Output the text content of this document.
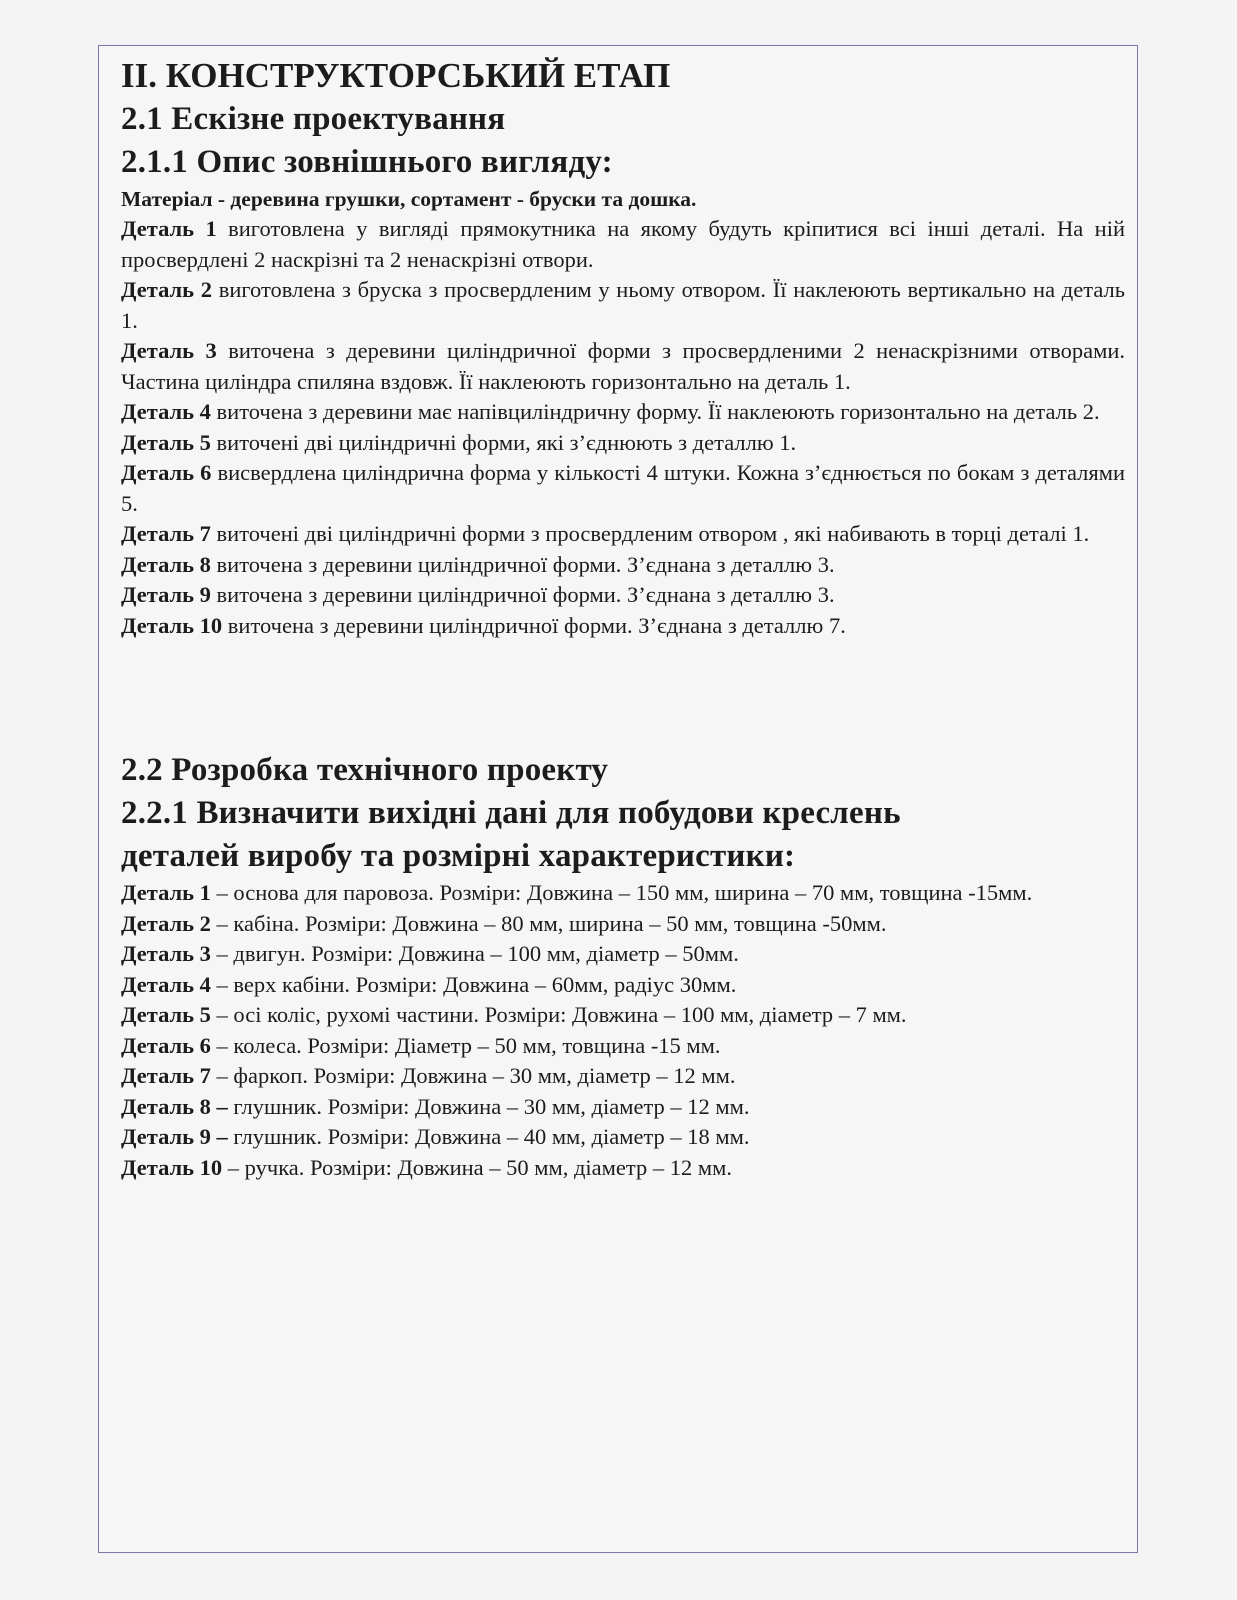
II. КОНСТРУКТОРСЬКИЙ ЕТАП

2.1 Ескізне проектування

2.1.1 Опис зовнішнього вигляду:

Матеріал - деревина грушки, сортамент - бруски та дошка.

Деталь 1 виготовлена у вигляді прямокутника на якому будуть кріпитися всі інші деталі. На ній просвердлені 2 наскрізні та 2 ненаскрізні отвори.

Деталь 2 виготовлена з бруска з просвердленим у ньому отвором. Її наклеюють вертикально на деталь 1.

Деталь 3 виточена з деревини циліндричної форми з просвердленими 2 ненаскрізними отворами. Частина циліндра спиляна вздовж. Її наклеюють горизонтально на деталь 1.

Деталь 4 виточена з деревини має напівциліндричну форму. Її наклеюють горизонтально на деталь 2.

Деталь 5 виточені дві циліндричні форми, які з’єднюють з деталлю 1.

Деталь 6 висвердлена циліндрична форма у кількості 4 штуки. Кожна з’єднюється по бокам з деталями 5.

Деталь 7 виточені дві циліндричні форми з просвердленим отвором , які набивають в торці деталі 1.

Деталь 8 виточена з деревини циліндричної форми. З’єднана з деталлю 3.

Деталь 9 виточена з деревини циліндричної форми. З’єднана з деталлю 3.

Деталь 10 виточена з деревини циліндричної форми. З’єднана з деталлю 7.

2.2 Розробка технічного проекту

2.2.1 Визначити вихідні дані для побудови креслень

деталей виробу та розмірні характеристики:

Деталь 1 – основа для паровоза. Розміри: Довжина – 150 мм, ширина – 70 мм, товщина -15мм.

Деталь 2 – кабіна. Розміри: Довжина – 80 мм, ширина – 50 мм, товщина -50мм.

Деталь 3 – двигун. Розміри: Довжина – 100 мм, діаметр – 50мм.

Деталь 4 – верх кабіни. Розміри: Довжина – 60мм, радіус 30мм.

Деталь 5 – осі коліс, рухомі частини. Розміри: Довжина – 100 мм, діаметр – 7 мм.

Деталь 6 – колеса. Розміри: Діаметр – 50 мм, товщина -15 мм.

Деталь 7 – фаркоп. Розміри: Довжина – 30 мм, діаметр – 12 мм.

Деталь 8 – глушник. Розміри: Довжина – 30 мм, діаметр – 12 мм.

Деталь 9 – глушник. Розміри: Довжина – 40 мм, діаметр – 18 мм.

Деталь 10 – ручка. Розміри: Довжина – 50 мм, діаметр – 12 мм.
